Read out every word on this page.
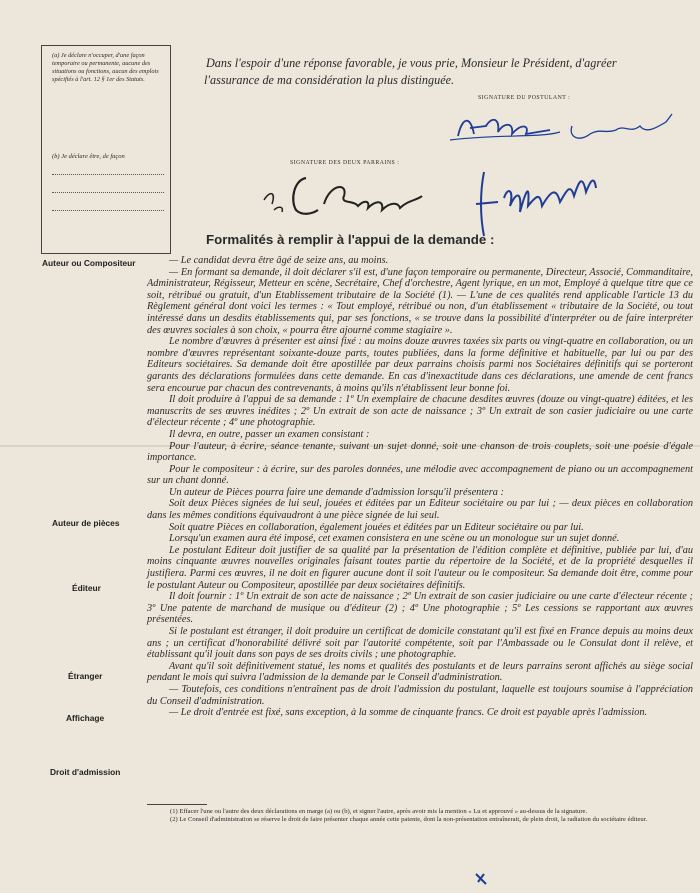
(a) Je déclare n'occuper, d'une façon temporaire ou permanente, aucune des situations ou fonctions, aucun des emplois spécifiés à l'art. 12 § 1er des Statuts.
(b) Je déclare être, de façon
Dans l'espoir d'une réponse favorable, je vous prie, Monsieur le Président, d'agréer l'assurance de ma considération la plus distinguée.
SIGNATURE DU POSTULANT :
SIGNATURE DES DEUX PARRAINS :
Formalités à remplir à l'appui de la demande :
Auteur ou Compositeur
Auteur de pièces
Éditeur
Étranger
Affichage
Droit d'admission

— Le candidat devra être âgé de seize ans, au moins.

— En formant sa demande, il doit déclarer s'il est, d'une façon temporaire ou permanente, Directeur, Associé, Commanditaire, Administrateur, Régisseur, Metteur en scène, Secrétaire, Chef d'orchestre, Agent lyrique, en un mot, Employé à quelque titre que ce soit, rétribué ou gratuit, d'un Etablissement tributaire de la Société (1). — L'une de ces qualités rend applicable l'article 13 du Règlement général dont voici les termes : « Tout employé, rétribué ou non, d'un établissement « tributaire de la Société, ou tout intéressé dans un desdits établissements qui, par ses fonctions, « se trouve dans la possibilité d'interpréter ou de faire interpréter des œuvres sociales à son choix, « pourra être ajourné comme stagiaire ».

Le nombre d'œuvres à présenter est ainsi fixé : au moins douze œuvres taxées six parts ou vingt-quatre en collaboration, ou un nombre d'œuvres représentant soixante-douze parts, toutes publiées, dans la forme définitive et habituelle, par lui ou par des Editeurs sociétaires. Sa demande doit être apostillée par deux parrains choisis parmi nos Sociétaires définitifs qui se porteront garants des déclarations formulées dans cette demande. En cas d'inexactitude dans ces déclarations, une amende de cent francs sera encourue par chacun des contrevenants, à moins qu'ils n'établissent leur bonne foi.

Il doit produire à l'appui de sa demande : 1º Un exemplaire de chacune desdites œuvres (douze ou vingt-quatre) éditées, et les manuscrits de ses œuvres inédites ; 2º Un extrait de son acte de naissance ; 3º Un extrait de son casier judiciaire ou une carte d'électeur récente ; 4º une photographie.

Il devra, en outre, passer un examen consistant :

Pour l'auteur, à écrire, séance tenante, suivant un sujet donné, soit une chanson de trois couplets, soit une poésie d'égale importance.

Pour le compositeur : à écrire, sur des paroles données, une mélodie avec accompagnement de piano ou un accompagnement sur un chant donné.

Un auteur de Pièces pourra faire une demande d'admission lorsqu'il présentera :

Soit deux Pièces signées de lui seul, jouées et éditées par un Editeur sociétaire ou par lui ; — deux pièces en collaboration dans les mêmes conditions équivaudront à une pièce signée de lui seul.

Soit quatre Pièces en collaboration, également jouées et éditées par un Editeur sociétaire ou par lui.

Lorsqu'un examen aura été imposé, cet examen consistera en une scène ou un monologue sur un sujet donné.

Le postulant Editeur doit justifier de sa qualité par la présentation de l'édition complète et définitive, publiée par lui, d'au moins cinquante œuvres nouvelles originales faisant toutes partie du répertoire de la Société, et de la propriété desquelles il justifiera. Parmi ces œuvres, il ne doit en figurer aucune dont il soit l'auteur ou le compositeur. Sa demande doit être, comme pour le postulant Auteur ou Compositeur, apostillée par deux sociétaires définitifs.

Il doit fournir : 1º Un extrait de son acte de naissance ; 2º Un extrait de son casier judiciaire ou une carte d'électeur récente ; 3º Une patente de marchand de musique ou d'éditeur (2) ; 4º Une photographie ; 5º Les cessions se rapportant aux œuvres présentées.

Si le postulant est étranger, il doit produire un certificat de domicile constatant qu'il est fixé en France depuis au moins deux ans ; un certificat d'honorabilité délivré soit par l'autorité compétente, soit par l'Ambassade ou le Consulat dont il relève, et établissant qu'il jouit dans son pays de ses droits civils ; une photographie.

Avant qu'il soit définitivement statué, les noms et qualités des postulants et de leurs parrains seront affichés au siège social pendant le mois qui suivra l'admission de la demande par le Conseil d'administration.

— Toutefois, ces conditions n'entraînent pas de droit l'admission du postulant, laquelle est toujours soumise à l'appréciation du Conseil d'administration.

— Le droit d'entrée est fixé, sans exception, à la somme de cinquante francs. Ce droit est payable après l'admission.

(1) Effacer l'une ou l'autre des deux déclarations en marge (a) ou (b), et signer l'autre, après avoir mis la mention « Lu et approuvé » au-dessus de la signature.

(2) Le Conseil d'administration se réserve le droit de faire présenter chaque année cette patente, dont la non-présentation entraînerait, de plein droit, la radiation du sociétaire éditeur.
